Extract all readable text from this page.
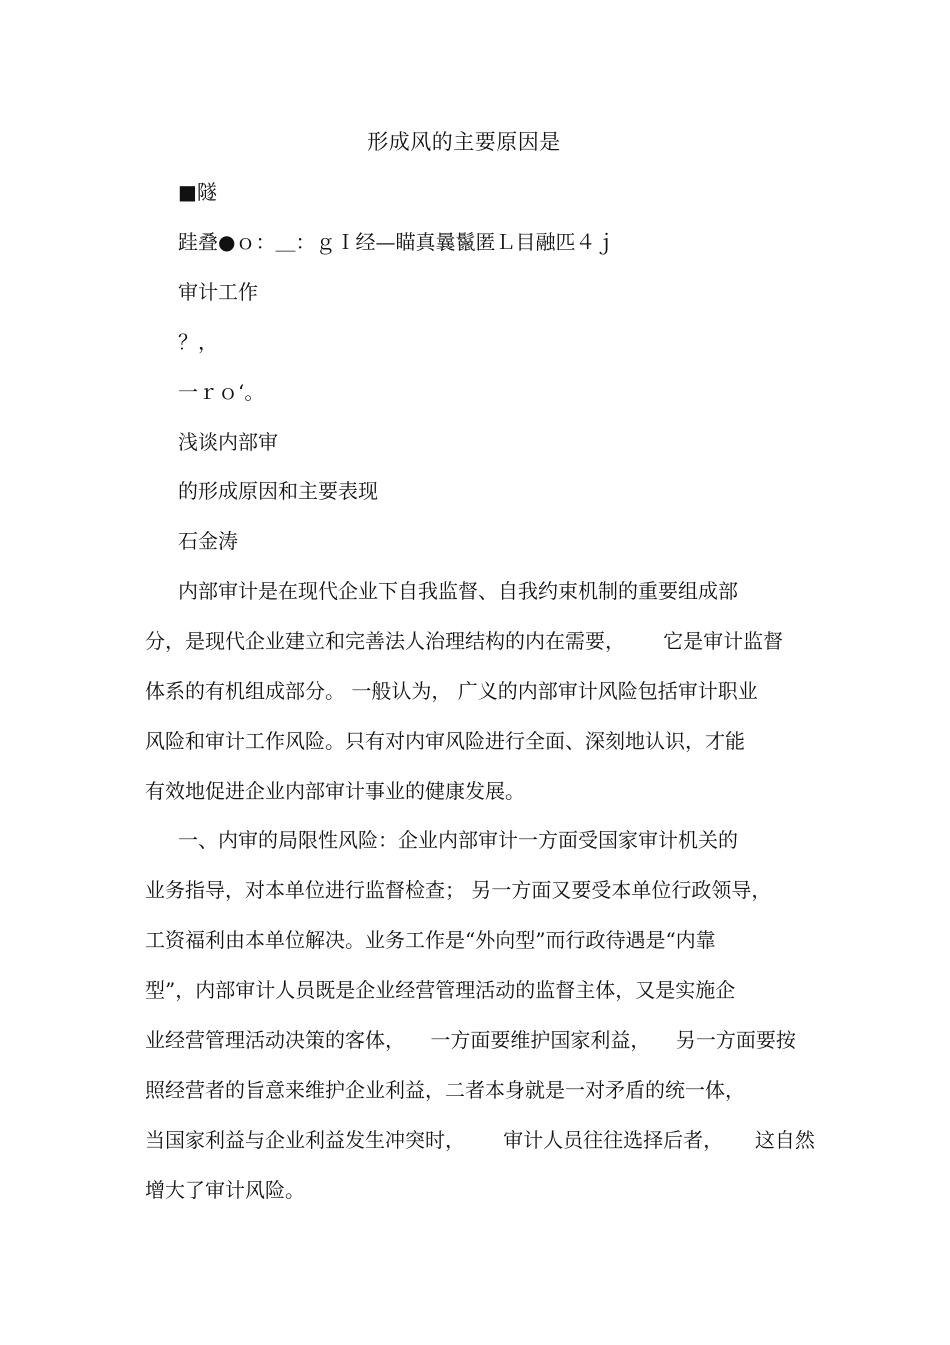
形成风的主要原因是
■隧
跬叠●ｏ：＿：ｇＩ经—瞄真曩鬣匿Ｌ目融匹４ｊ
审计工作
？，
一ｒｏ‘。
浅谈内部审
的形成原因和主要表现
石金涛
内部审计是在现代企业下自我监督、自我约束机制的重要组成部
分，是现代企业建立和完善法人治理结构的内在需要，      它是审计监督
体系的有机组成部分。 一般认为， 广义的内部审计风险包括审计职业
风险和审计工作风险。只有对内审风险进行全面、深刻地认识，才能
有效地促进企业内部审计事业的健康发展。
一、内审的局限性风险：企业内部审计一方面受国家审计机关的
业务指导，对本单位进行监督检查； 另一方面又要受本单位行政领导，
工资福利由本单位解决。业务工作是“外向型”而行政待遇是“内靠
型”，内部审计人员既是企业经营管理活动的监督主体，又是实施企
业经营管理活动决策的客体，    一方面要维护国家利益，    另一方面要按
照经营者的旨意来维护企业利益，二者本身就是一对矛盾的统一体，
当国家利益与企业利益发生冲突时，      审计人员往往选择后者，     这自然
增大了审计风险。
